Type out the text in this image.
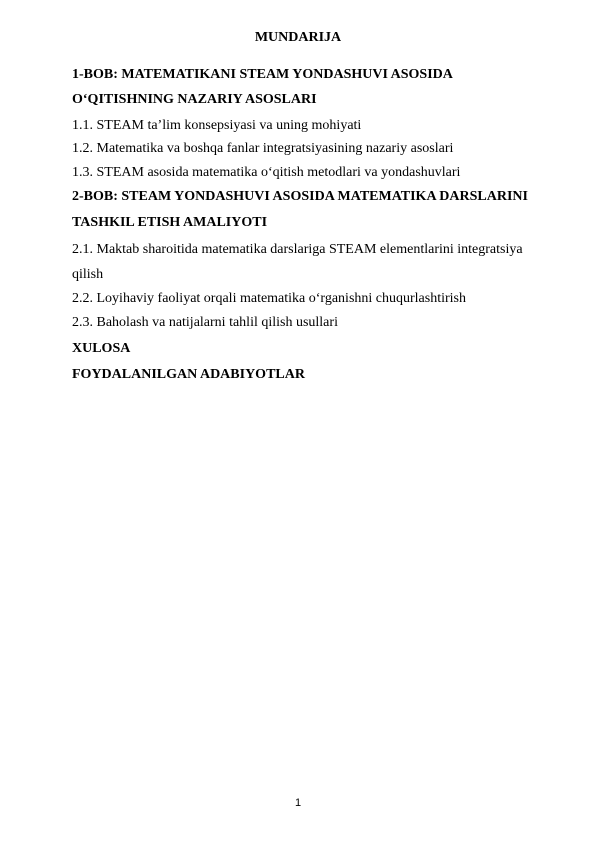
MUNDARIJA
1-BOB: MATEMATIKANI STEAM YONDASHUVI ASOSIDA
O‘QITISHNING NAZARIY ASOSLARI
1.1. STEAM ta’lim konsepsiyasi va uning mohiyati
1.2. Matematika va boshqa fanlar integratsiyasining nazariy asoslari
1.3. STEAM asosida matematika o‘qitish metodlari va yondashuvlari
2-BOB: STEAM YONDASHUVI ASOSIDA MATEMATIKA DARSLARINI
TASHKIL ETISH AMALIYOTI
2.1. Maktab sharoitida matematika darslariga STEAM elementlarini integratsiya
qilish
2.2. Loyihaviy faoliyat orqali matematika o‘rganishni chuqurlashtirish
2.3. Baholash va natijalarni tahlil qilish usullari
XULOSA
FOYDALANILGAN ADABIYOTLAR
1
